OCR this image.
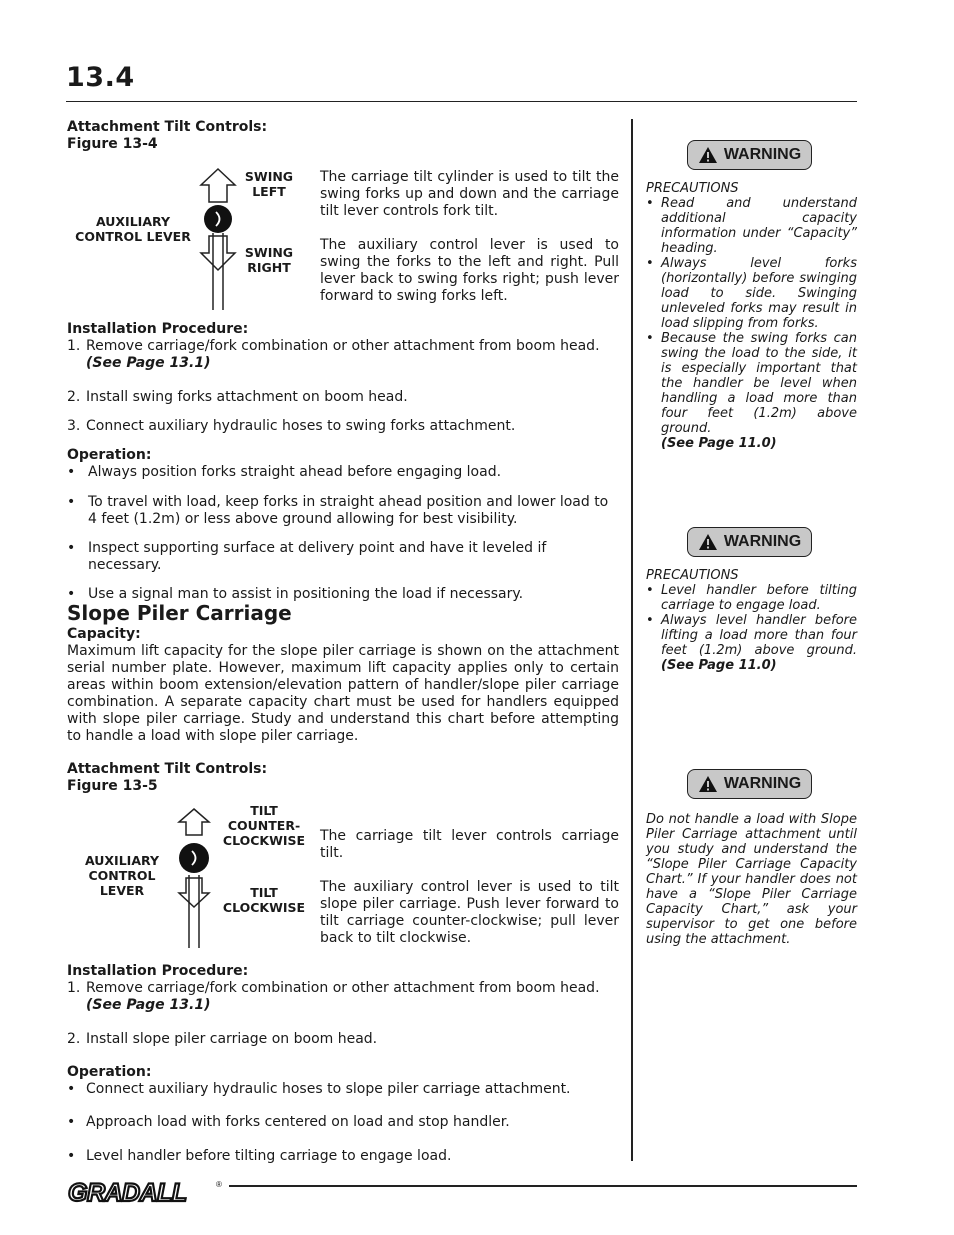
13.4
Attachment Tilt Controls:
Figure 13-4
SWING
LEFT
AUXILIARY
CONTROL LEVER
SWING
RIGHT

The carriage tilt cylinder is used to tilt the swing forks up and down and the carriage tilt lever controls fork tilt.

The auxiliary control lever is used to swing the forks to the left and right. Pull lever back to swing forks right; push lever forward to swing forks left.

Installation Procedure:
1. Remove carriage/fork combination or other attachment from boom head.
(See Page 13.1)
2. Install swing forks attachment on boom head.
3. Connect auxiliary hydraulic hoses to swing forks attachment.
Operation:
• Always position forks straight ahead before engaging load.
• To travel with load, keep forks in straight ahead position and lower load to 4 feet (1.2m) or less above ground allowing for best visibility.
• Inspect supporting surface at delivery point and have it leveled if necessary.
• Use a signal man to assist in positioning the load if necessary.
Slope Piler Carriage
Capacity:

Maximum lift capacity for the slope piler carriage is shown on the attachment serial number plate. However, maximum lift capacity applies only to certain areas within boom extension/elevation pattern of handler/slope piler carriage combination. A separate capacity chart must be used for handlers equipped with slope piler carriage. Study and understand this chart before attempting to handle a load with slope piler carriage.

Attachment Tilt Controls:
Figure 13-5
TILT
COUNTER-
CLOCKWISE
AUXILIARY
CONTROL
LEVER	TILT
CLOCKWISE

The carriage tilt lever controls carriage tilt.

The auxiliary control lever is used to tilt slope piler carriage. Push lever forward to tilt carriage counter-clockwise; pull lever back to tilt clockwise.

Installation Procedure:
1. Remove carriage/fork combination or other attachment from boom head.
(See Page 13.1)
2. Install slope piler carriage on boom head.
Operation:
• Connect auxiliary hydraulic hoses to slope piler carriage attachment.
• Approach load with forks centered on load and stop handler.
• Level handler before tilting carriage to engage load.
WARNING
PRECAUTIONS
• Read and understand additional capacity information under “Capacity” heading.
• Always level forks (horizontally) before swinging load to side. Swinging unleveled forks may result in load slipping from forks.
• Because the swing forks can swing the load to the side, it is especially important that the handler be level when handling a load more than four feet (1.2m) above ground.
(See Page 11.0)
WARNING
PRECAUTIONS
• Level handler before tilting carriage to engage load.
• Always level handler before lifting a load more than four feet (1.2m) above ground. (See Page 11.0)
WARNING
Do not handle a load with Slope Piler Carriage attachment until you study and understand the “Slope Piler Carriage Capacity Chart.” If your handler does not have a “Slope Piler Carriage Capacity Chart,” ask your supervisor to get one before using the attachment.
GRADALL	®
